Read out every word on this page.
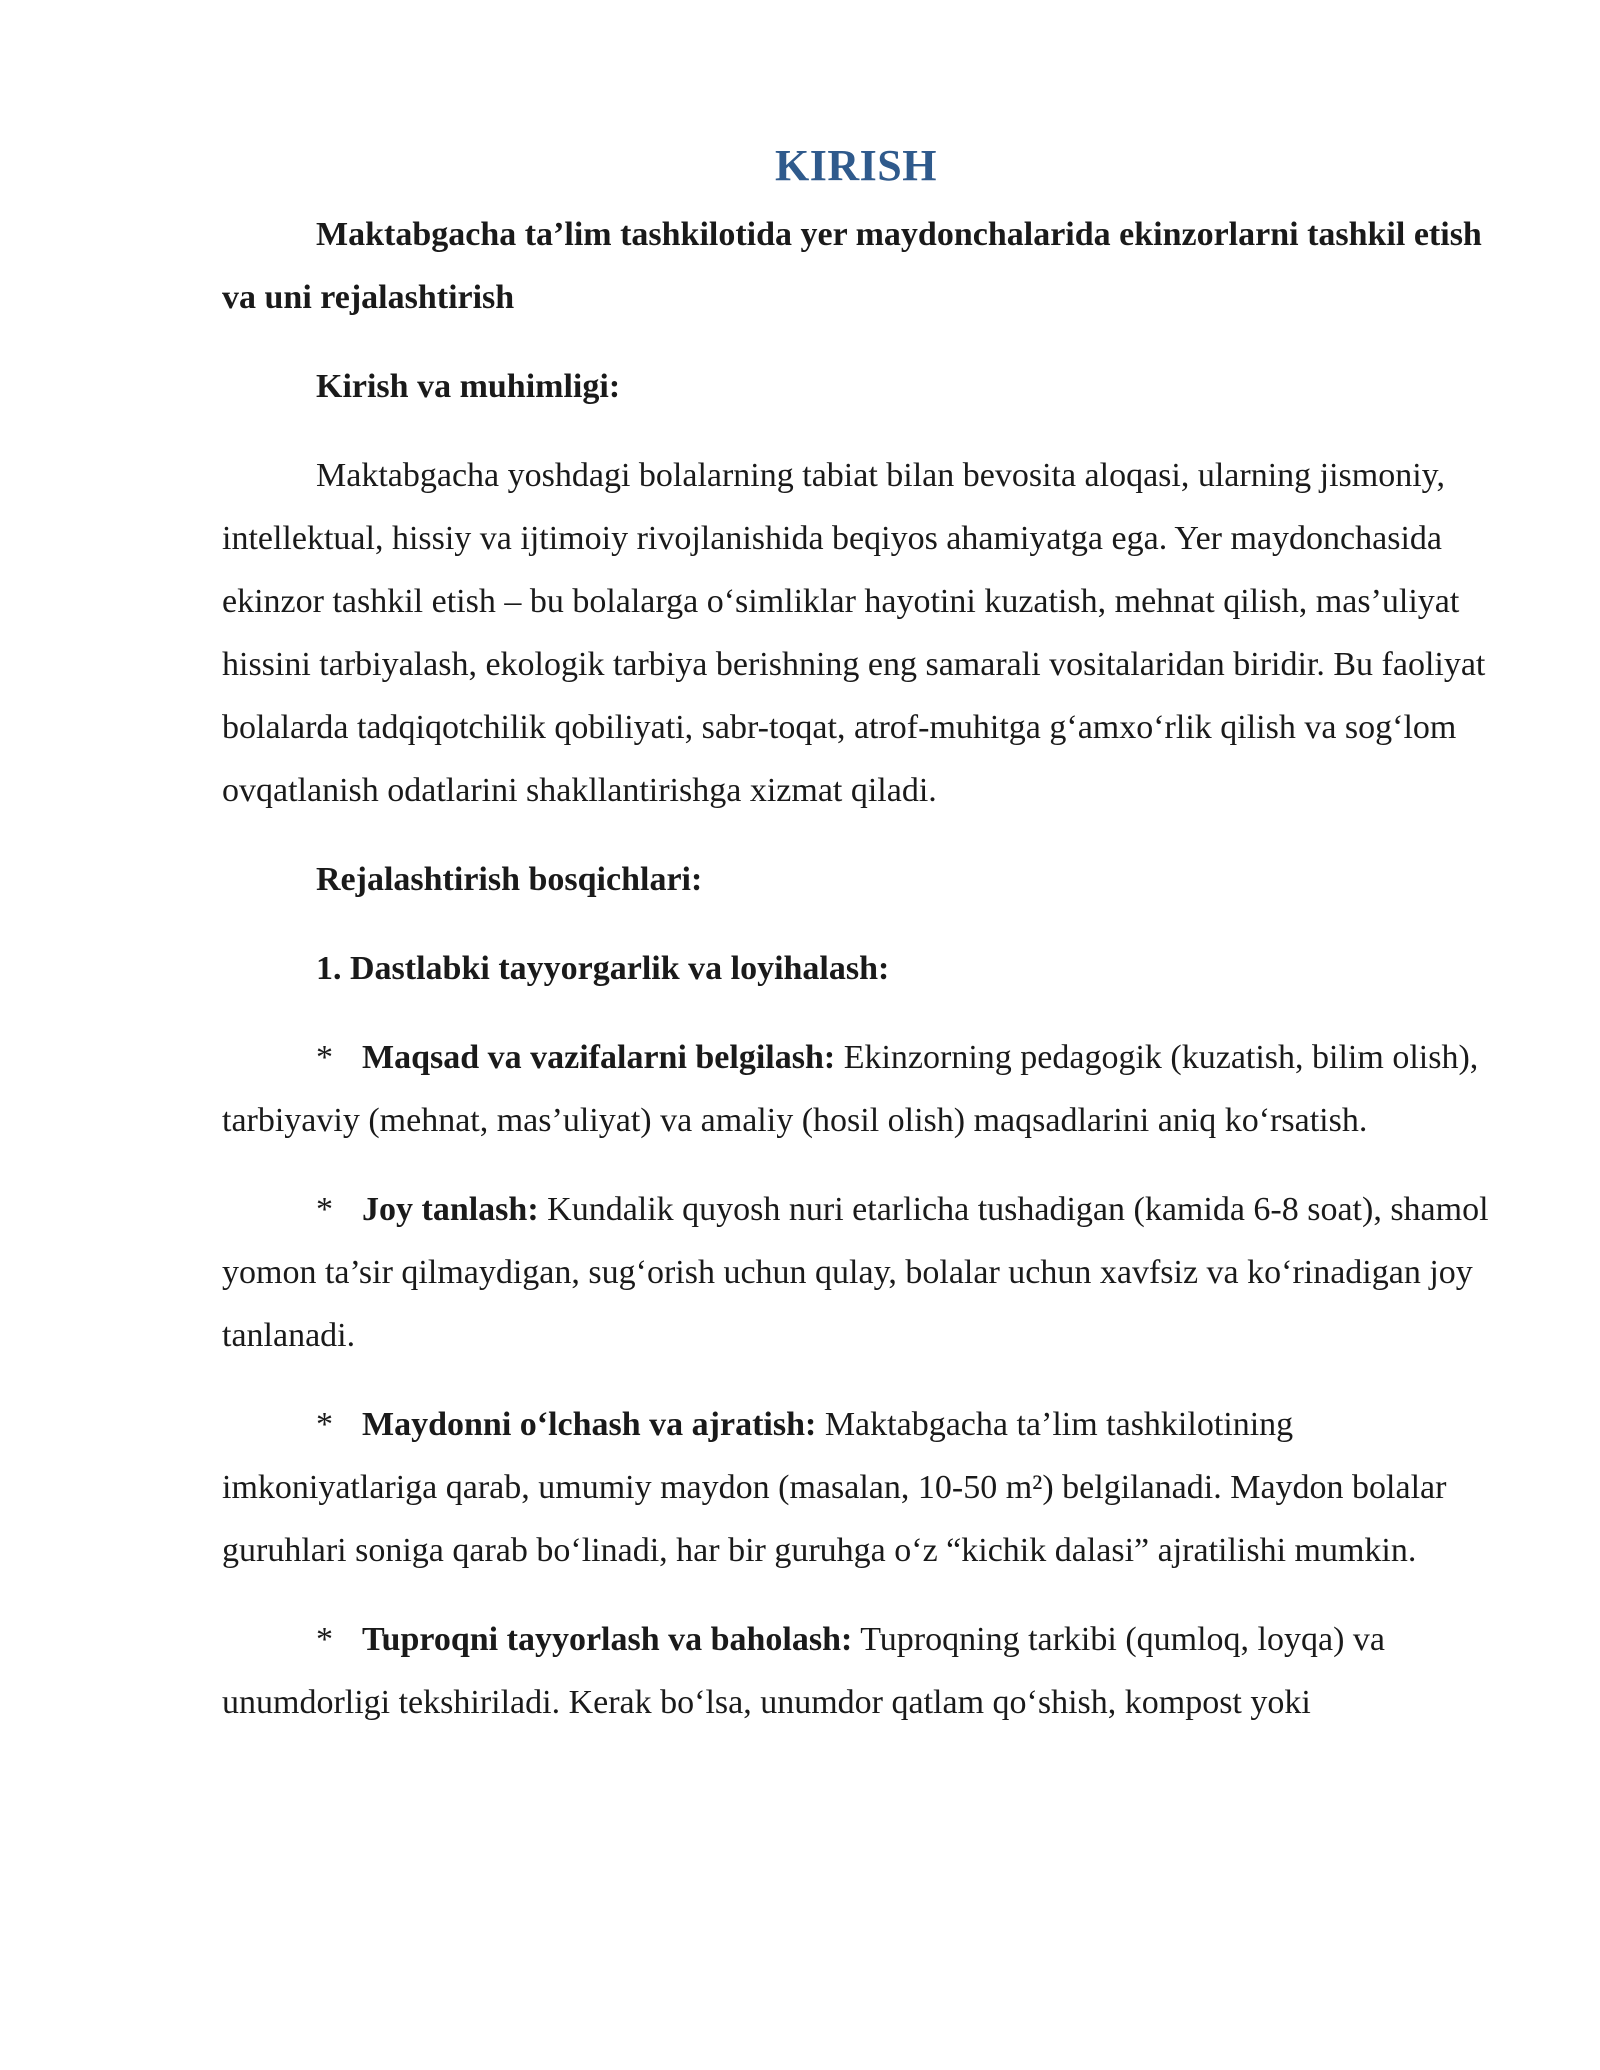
KIRISH

Maktabgacha ta’lim tashkilotida yer maydonchalarida ekinzorlarni tashkil etish va uni rejalashtirish

Kirish va muhimligi:

Maktabgacha yoshdagi bolalarning tabiat bilan bevosita aloqasi, ularning jismoniy, intellektual, hissiy va ijtimoiy rivojlanishida beqiyos ahamiyatga ega. Yer maydonchasida ekinzor tashkil etish – bu bolalarga o‘simliklar hayotini kuzatish, mehnat qilish, mas’uliyat hissini tarbiyalash, ekologik tarbiya berishning eng samarali vositalaridan biridir. Bu faoliyat bolalarda tadqiqotchilik qobiliyati, sabr-toqat, atrof-muhitga g‘amxo‘rlik qilish va sog‘lom ovqatlanish odatlarini shakllantirishga xizmat qiladi.

Rejalashtirish bosqichlari:

1. Dastlabki tayyorgarlik va loyihalash:

* Maqsad va vazifalarni belgilash: Ekinzorning pedagogik (kuzatish, bilim olish), tarbiyaviy (mehnat, mas’uliyat) va amaliy (hosil olish) maqsadlarini aniq ko‘rsatish.

* Joy tanlash: Kundalik quyosh nuri etarlicha tushadigan (kamida 6-8 soat), shamol yomon ta’sir qilmaydigan, sug‘orish uchun qulay, bolalar uchun xavfsiz va ko‘rinadigan joy tanlanadi.

* Maydonni o‘lchash va ajratish: Maktabgacha ta’lim tashkilotining imkoniyatlariga qarab, umumiy maydon (masalan, 10-50 m²) belgilanadi. Maydon bolalar guruhlari soniga qarab bo‘linadi, har bir guruhga o‘z “kichik dalasi” ajratilishi mumkin.

* Tuproqni tayyorlash va baholash: Tuproqning tarkibi (qumloq, loyqa) va unumdorligi tekshiriladi. Kerak bo‘lsa, unumdor qatlam qo‘shish, kompost yoki
